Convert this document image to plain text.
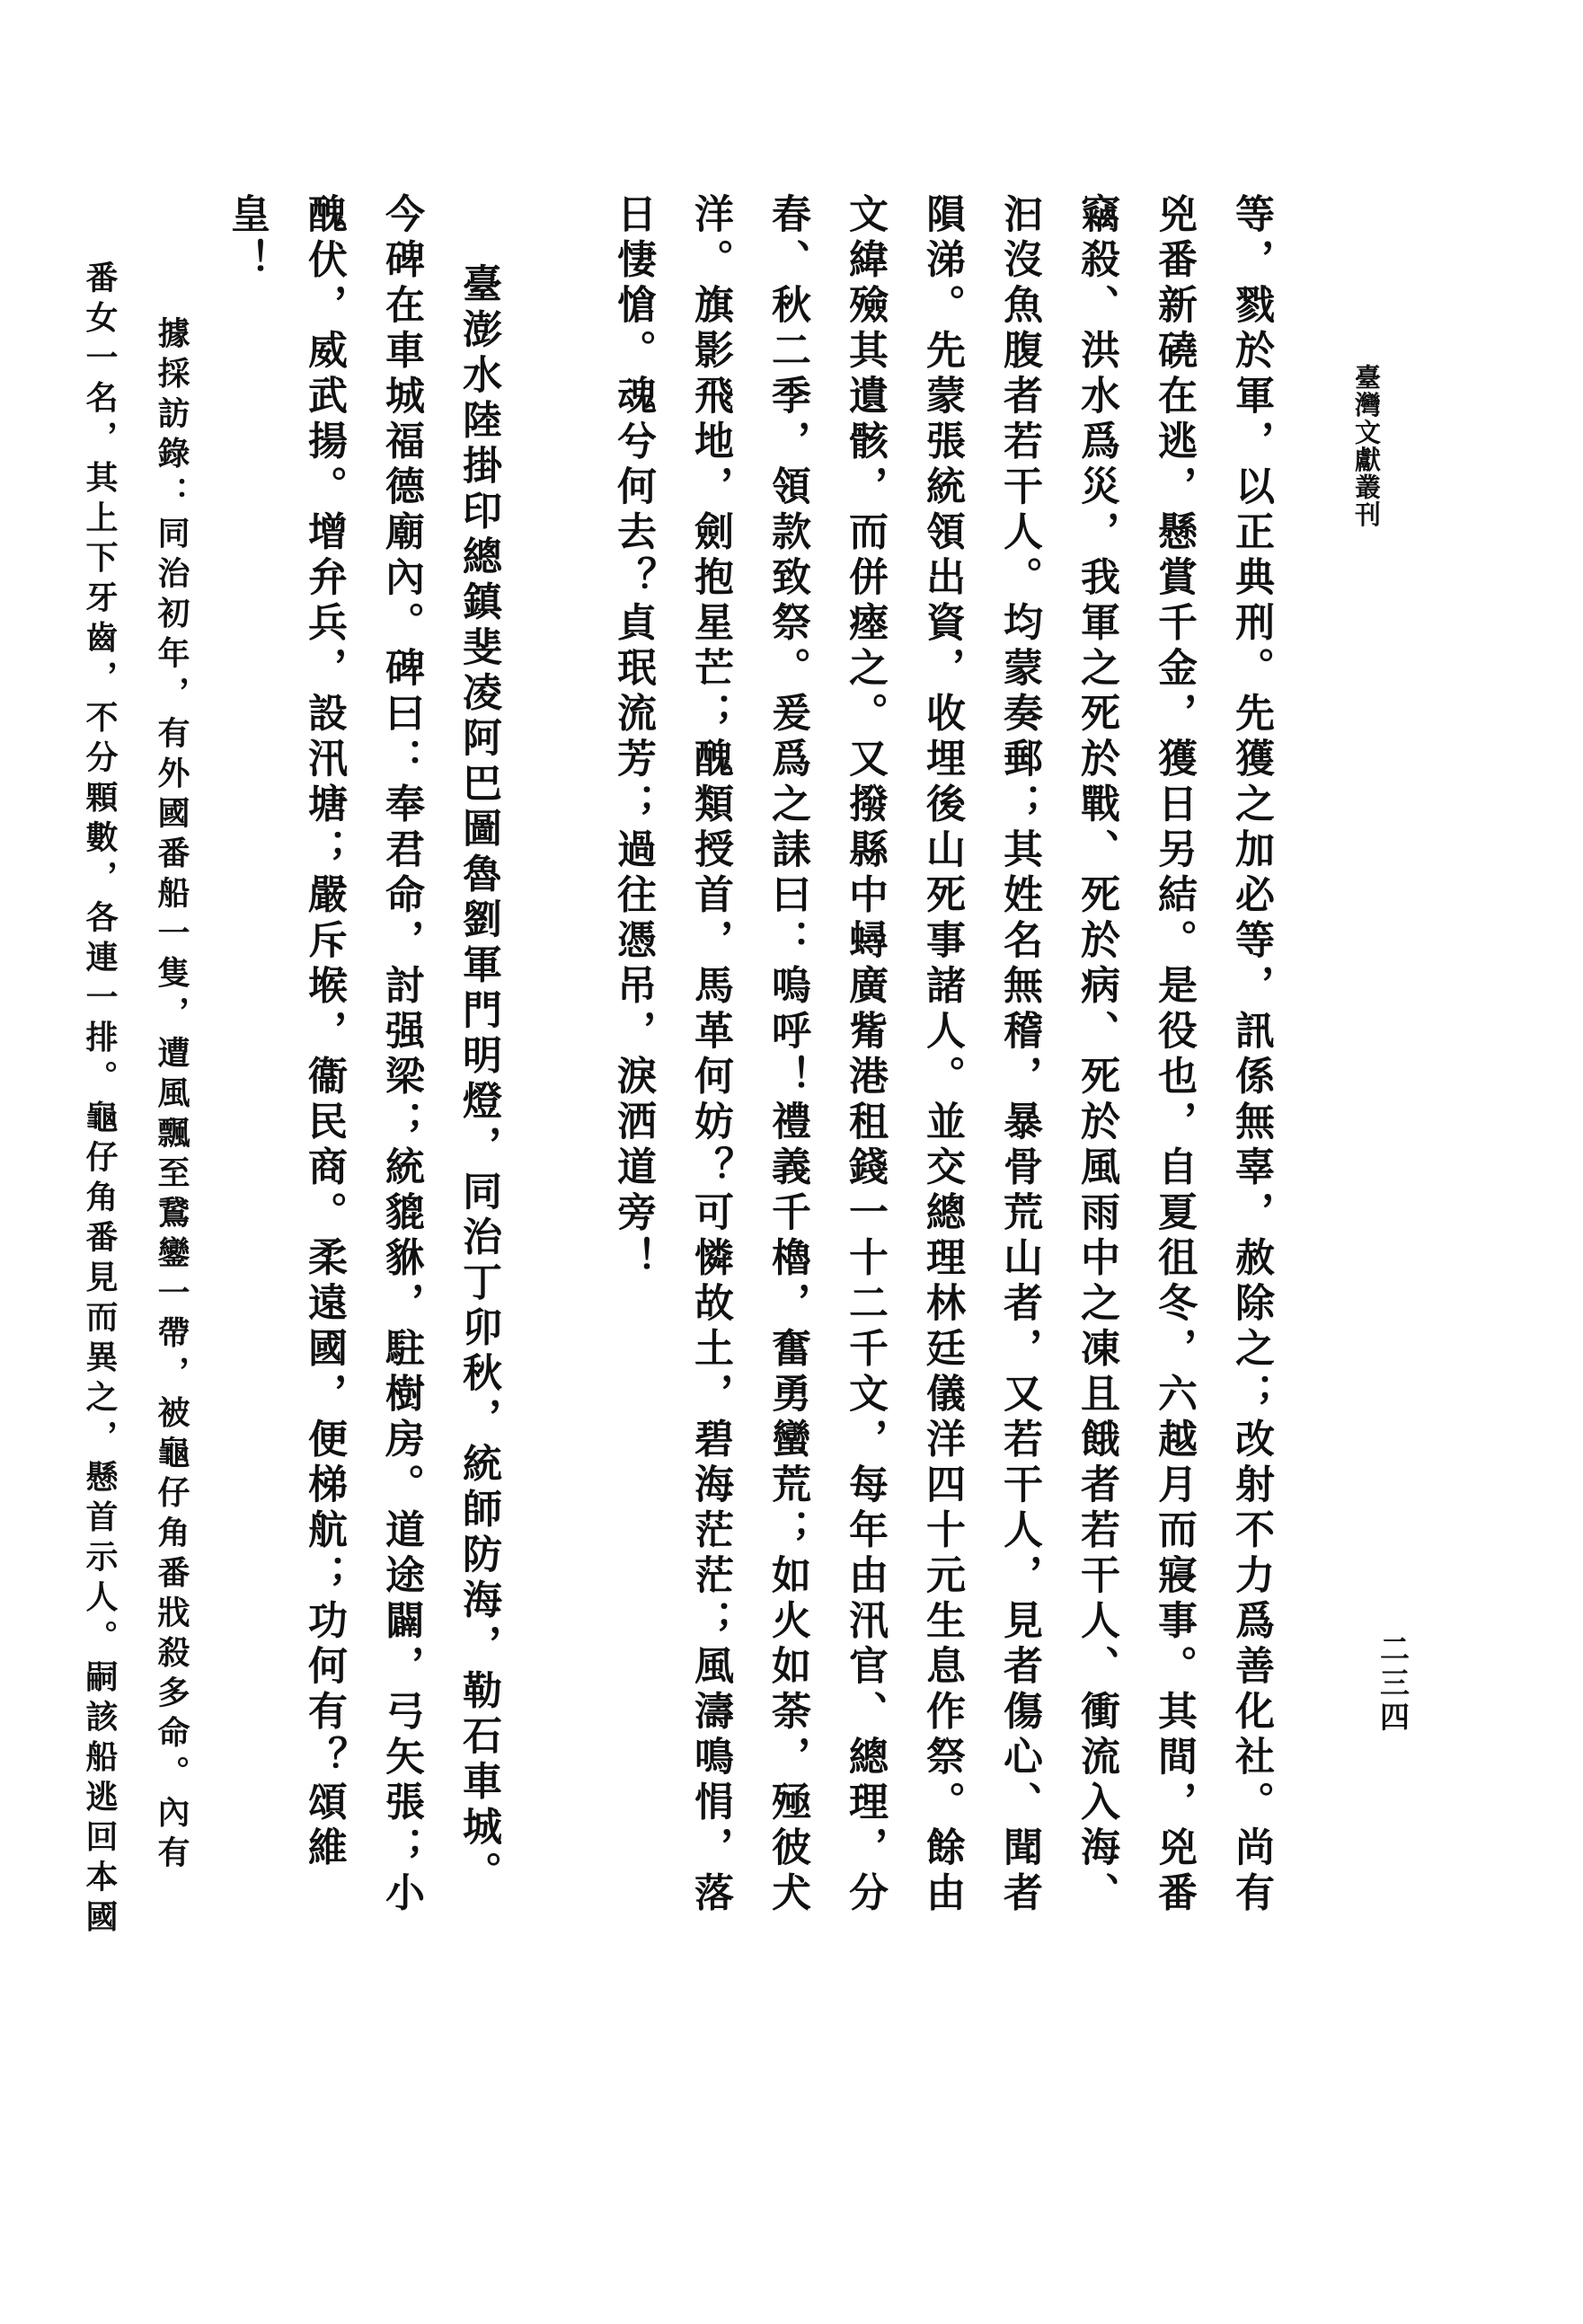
臺灣文獻叢刊
二三四
等，戮於軍，以正典刑。先獲之加必等，訊係無辜，赦除之；改射不力爲善化社。尚有
兇番新磽在逃，懸賞千金，獲日另結。是役也，自夏徂冬，六越月而寢事。其間，兇番
竊殺、洪水爲災，我軍之死於戰、死於病、死於風雨中之凍且餓者若干人、衝流入海、
汩沒魚腹者若干人。均蒙奏郵；其姓名無稽，暴骨荒山者，又若干人，見者傷心、聞者
隕涕。先蒙張統領出資，收埋後山死事諸人。並交總理林廷儀洋四十元生息作祭。餘由
文緯殮其遺骸，而併瘞之。又撥縣中蟳廣觜港租錢一十二千文，每年由汛官、總理，分
春、秋二季，領款致祭。爰爲之誄曰：嗚呼！禮義千櫓，奮勇蠻荒；如火如荼，殛彼犬
洋。旗影飛地，劍抱星芒；醜類授首，馬革何妨？可憐故土，碧海茫茫；風濤鳴悁，落
日悽愴。魂兮何去？貞珉流芳；過往憑吊，淚洒道旁！
臺澎水陸掛印總鎮斐凌阿巴圖魯劉軍門明燈，同治丁卯秋，統師防海，勒石車城。
今碑在車城福德廟內。碑曰：奉君命，討强梁；統貔貅，駐樹房。道途闢，弓矢張；小
醜伏，威武揚。增弁兵，設汛塘；嚴斥堠，衞民商。柔遠國，便梯航；功何有？頌維
皇！
據採訪錄：同治初年，有外國番船一隻，遭風飄至鵞鑾一帶，被龜仔角番戕殺多命。內有
番女一名，其上下牙齒，不分顆數，各連一排。龜仔角番見而異之，懸首示人。嗣該船逃回本國
